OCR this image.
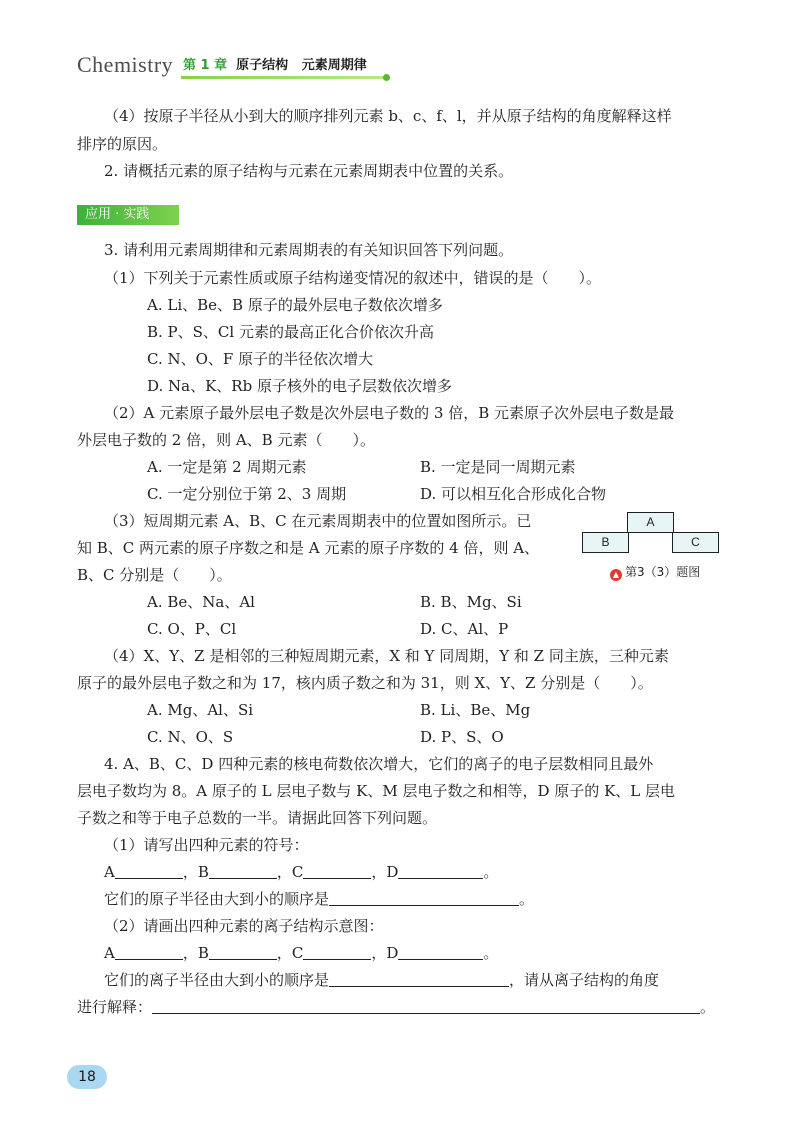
Chemistry 第 1 章  原子结构   元素周期律
（4）按原子半径从小到大的顺序排列元素 b、c、f、l，并从原子结构的角度解释这样
排序的原因。
2. 请概括元素的原子结构与元素在元素周期表中位置的关系。
应用 · 实践
3. 请利用元素周期律和元素周期表的有关知识回答下列问题。
（1）下列关于元素性质或原子结构递变情况的叙述中，错误的是（　　）。
A. Li、Be、B 原子的最外层电子数依次增多
B. P、S、Cl 元素的最高正化合价依次升高
C. N、O、F 原子的半径依次增大
D. Na、K、Rb 原子核外的电子层数依次增多
（2）A 元素原子最外层电子数是次外层电子数的 3 倍，B 元素原子次外层电子数是最
外层电子数的 2 倍，则 A、B 元素（　　）。
A. 一定是第 2 周期元素	B. 一定是同一周期元素
C. 一定分别位于第 2、3 周期	D. 可以相互化合形成化合物
（3）短周期元素 A、B、C 在元素周期表中的位置如图所示。已
知 B、C 两元素的原子序数之和是 A 元素的原子序数的 4 倍，则 A、
B、C 分别是（　　）。
A
B	C
▲ 第3（3）题图
A. Be、Na、Al	B. B、Mg、Si
C. O、P、Cl	D. C、Al、P
（4）X、Y、Z 是相邻的三种短周期元素，X 和 Y 同周期，Y 和 Z 同主族，三种元素
原子的最外层电子数之和为 17，核内质子数之和为 31，则 X、Y、Z 分别是（　　）。
A. Mg、Al、Si	B. Li、Be、Mg
C. N、O、S	D. P、S、O
4. A、B、C、D 四种元素的核电荷数依次增大，它们的离子的电子层数相同且最外
层电子数均为 8。A 原子的 L 层电子数与 K、M 层电子数之和相等，D 原子的 K、L 层电
子数之和等于电子总数的一半。请据此回答下列问题。
（1）请写出四种元素的符号：
A	，B	，C	，D	。
它们的原子半径由大到小的顺序是	。
（2）请画出四种元素的离子结构示意图：
A	，B	，C	，D	。
它们的离子半径由大到小的顺序是	，请从离子结构的角度
进行解释：	。
18
